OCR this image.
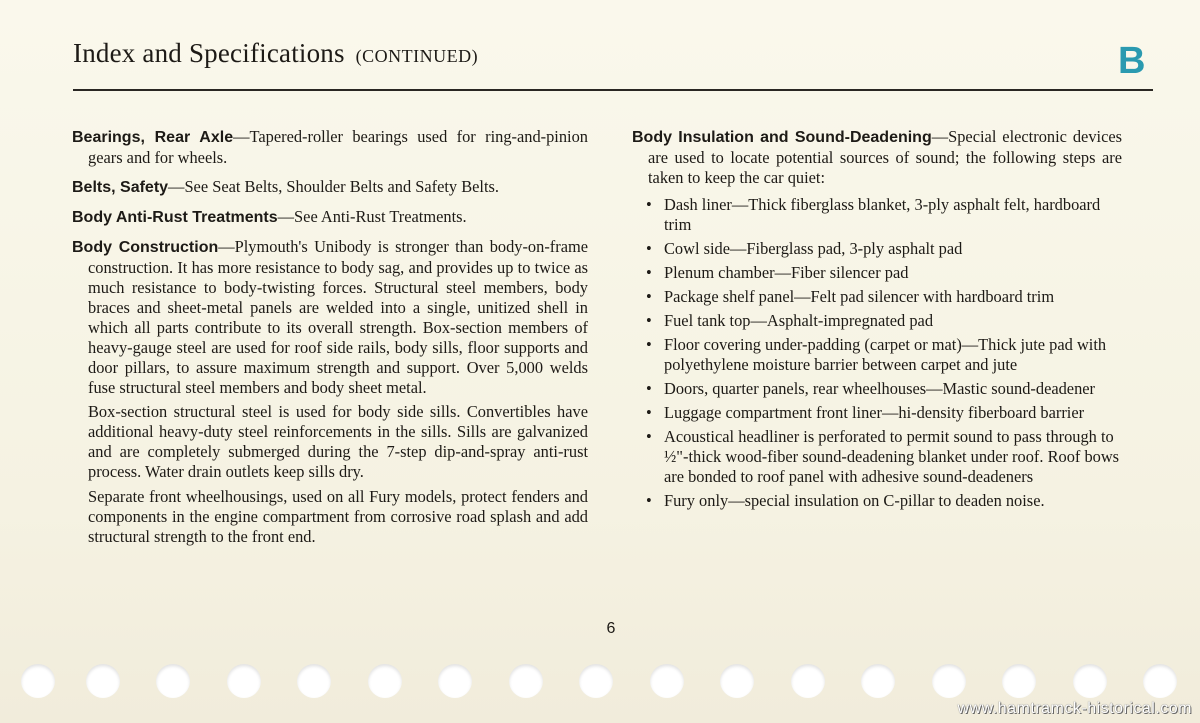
Index and Specifications (CONTINUED)	B

Bearings, Rear Axle—Tapered-roller bearings used for ring-and-pinion gears and for wheels.

Belts, Safety—See Seat Belts, Shoulder Belts and Safety Belts.

Body Anti-Rust Treatments—See Anti-Rust Treatments.

Body Construction—Plymouth's Unibody is stronger than body-on-frame construction. It has more resistance to body sag, and provides up to twice as much resistance to body-twisting forces. Structural steel members, body braces and sheet-metal panels are welded into a single, unitized shell in which all parts contribute to its overall strength. Box-section members of heavy-gauge steel are used for roof side rails, body sills, floor supports and door pillars, to assure maximum strength and support. Over 5,000 welds fuse structural steel members and body sheet metal.

Box-section structural steel is used for body side sills. Convertibles have additional heavy-duty steel reinforcements in the sills. Sills are galvanized and are completely submerged during the 7-step dip-and-spray anti-rust process. Water drain outlets keep sills dry.

Separate front wheelhousings, used on all Fury models, protect fenders and components in the engine compartment from corrosive road splash and add structural strength to the front end.

Body Insulation and Sound-Deadening—Special electronic devices are used to locate potential sources of sound; the following steps are taken to keep the car quiet:

• Dash liner—Thick fiberglass blanket, 3-ply asphalt felt, hardboard trim
• Cowl side—Fiberglass pad, 3-ply asphalt pad
• Plenum chamber—Fiber silencer pad
• Package shelf panel—Felt pad silencer with hardboard trim
• Fuel tank top—Asphalt-impregnated pad
• Floor covering under-padding (carpet or mat)—Thick jute pad with polyethylene moisture barrier between carpet and jute
• Doors, quarter panels, rear wheelhouses—Mastic sound-deadener
• Luggage compartment front liner—hi-density fiberboard barrier
• Acoustical headliner is perforated to permit sound to pass through to ½"-thick wood-fiber sound-deadening blanket under roof. Roof bows are bonded to roof panel with adhesive sound-deadeners
• Fury only—special insulation on C-pillar to deaden noise.
6
www.hamtramck-historical.com
